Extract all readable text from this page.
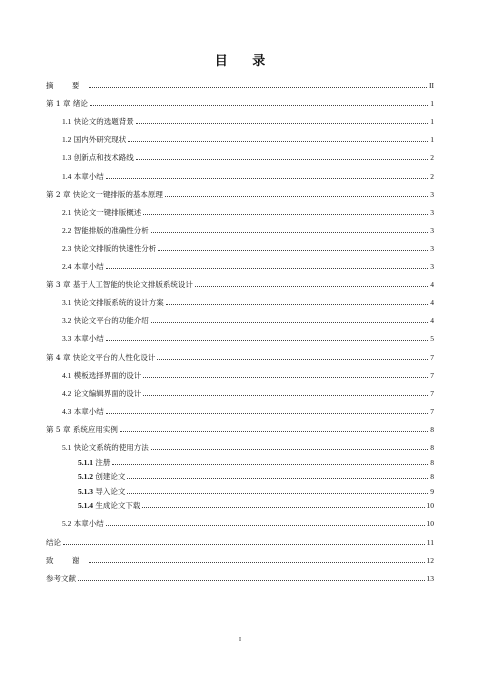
目 录
摘 要	II
第 1 章 绪论	1
1.1 快论文的选题背景	1
1.2 国内外研究现状	1
1.3 创新点和技术路线	2
1.4 本章小结	2
第 2 章 快论文一键排版的基本原理	3
2.1 快论文一键排版概述	3
2.2 智能排版的准确性分析	3
2.3 快论文排版的快速性分析	3
2.4 本章小结	3
第 3 章 基于人工智能的快论文排版系统设计	4
3.1 快论文排版系统的设计方案	4
3.2 快论文平台的功能介绍	4
3.3 本章小结	5
第 4 章 快论文平台的人性化设计	7
4.1 模板选择界面的设计	7
4.2 论文编辑界面的设计	7
4.3 本章小结	7
第 5 章 系统应用实例	8
5.1 快论文系统的使用方法	8
5.1.1 注册	8
5.1.2 创建论文	8
5.1.3 导入论文	9
5.1.4 生成论文下载	10
5.2 本章小结	10
结论	11
致 谢	12
参考文献	13
I
